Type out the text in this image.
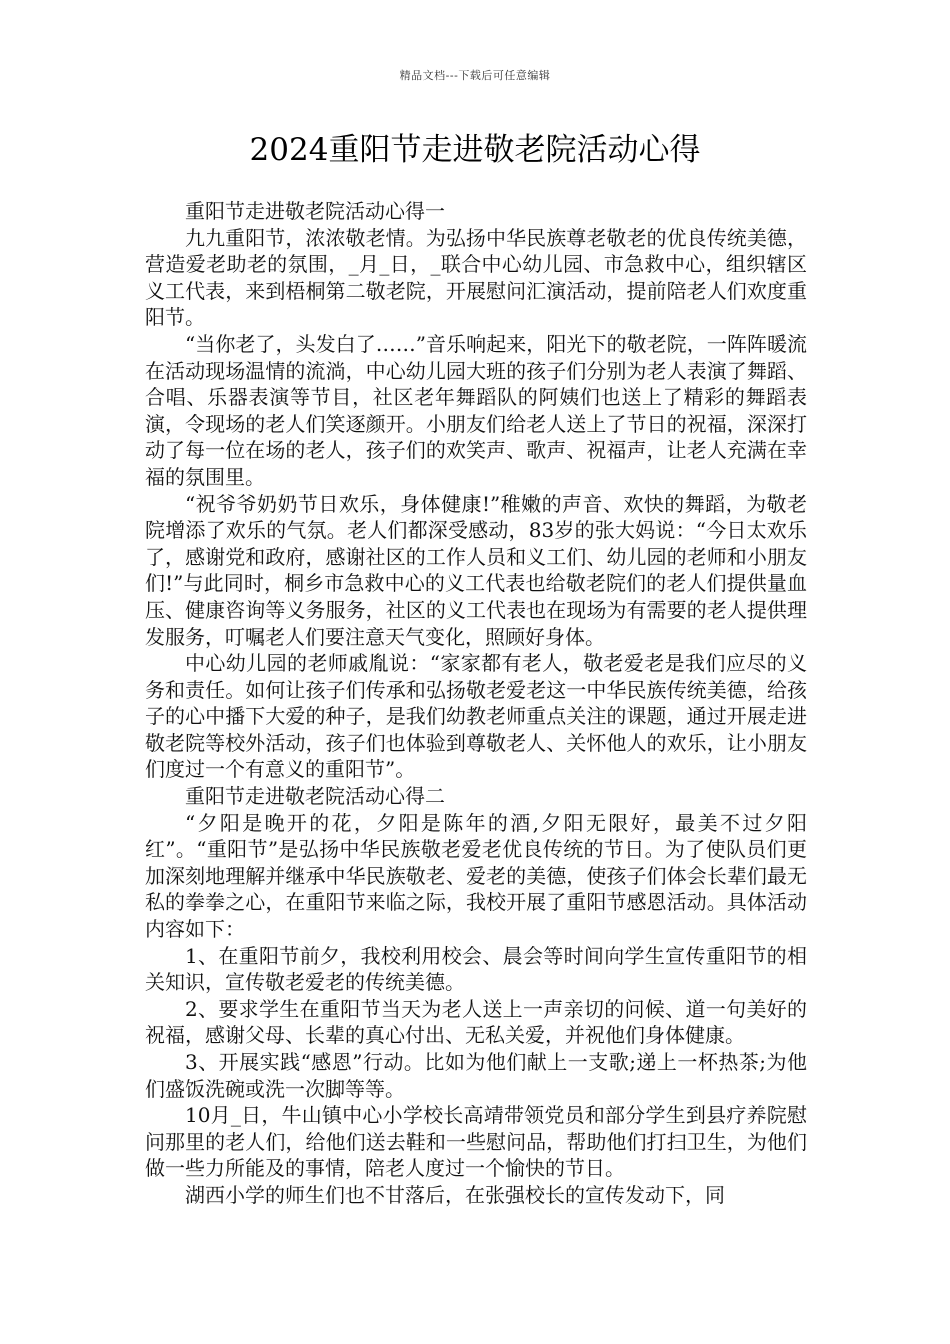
精品文档---下载后可任意编辑
2024重阳节走进敬老院活动心得

重阳节走进敬老院活动心得一

九九重阳节，浓浓敬老情。为弘扬中华民族尊老敬老的优良传统美德，营造爱老助老的氛围，_月_日，_联合中心幼儿园、市急救中心，组织辖区义工代表，来到梧桐第二敬老院，开展慰问汇演活动，提前陪老人们欢度重阳节。

“当你老了，头发白了……”音乐响起来，阳光下的敬老院，一阵阵暖流在活动现场温情的流淌，中心幼儿园大班的孩子们分别为老人表演了舞蹈、合唱、乐器表演等节目，社区老年舞蹈队的阿姨们也送上了精彩的舞蹈表演，令现场的老人们笑逐颜开。小朋友们给老人送上了节日的祝福，深深打动了每一位在场的老人，孩子们的欢笑声、歌声、祝福声，让老人充满在幸福的氛围里。

“祝爷爷奶奶节日欢乐，身体健康!”稚嫩的声音、欢快的舞蹈，为敬老院增添了欢乐的气氛。老人们都深受感动，83岁的张大妈说：“今日太欢乐了，感谢党和政府，感谢社区的工作人员和义工们、幼儿园的老师和小朋友们!”与此同时，桐乡市急救中心的义工代表也给敬老院们的老人们提供量血压、健康咨询等义务服务，社区的义工代表也在现场为有需要的老人提供理发服务，叮嘱老人们要注意天气变化，照顾好身体。

中心幼儿园的老师戚胤说：“家家都有老人，敬老爱老是我们应尽的义务和责任。如何让孩子们传承和弘扬敬老爱老这一中华民族传统美德，给孩子的心中播下大爱的种子，是我们幼教老师重点关注的课题，通过开展走进敬老院等校外活动，孩子们也体验到尊敬老人、关怀他人的欢乐，让小朋友们度过一个有意义的重阳节”。

重阳节走进敬老院活动心得二

“夕阳是晚开的花，夕阳是陈年的酒,夕阳无限好，最美不过夕阳红”。“重阳节”是弘扬中华民族敬老爱老优良传统的节日。为了使队员们更加深刻地理解并继承中华民族敬老、爱老的美德，使孩子们体会长辈们最无私的拳拳之心，在重阳节来临之际，我校开展了重阳节感恩活动。具体活动内容如下：

1、在重阳节前夕，我校利用校会、晨会等时间向学生宣传重阳节的相关知识，宣传敬老爱老的传统美德。

2、要求学生在重阳节当天为老人送上一声亲切的问候、道一句美好的祝福，感谢父母、长辈的真心付出、无私关爱，并祝他们身体健康。

3、开展实践“感恩”行动。比如为他们献上一支歌;递上一杯热茶;为他们盛饭洗碗或洗一次脚等等。

10月_日，牛山镇中心小学校长高靖带领党员和部分学生到县疗养院慰问那里的老人们，给他们送去鞋和一些慰问品，帮助他们打扫卫生，为他们做一些力所能及的事情，陪老人度过一个愉快的节日。

湖西小学的师生们也不甘落后，在张强校长的宣传发动下，同
